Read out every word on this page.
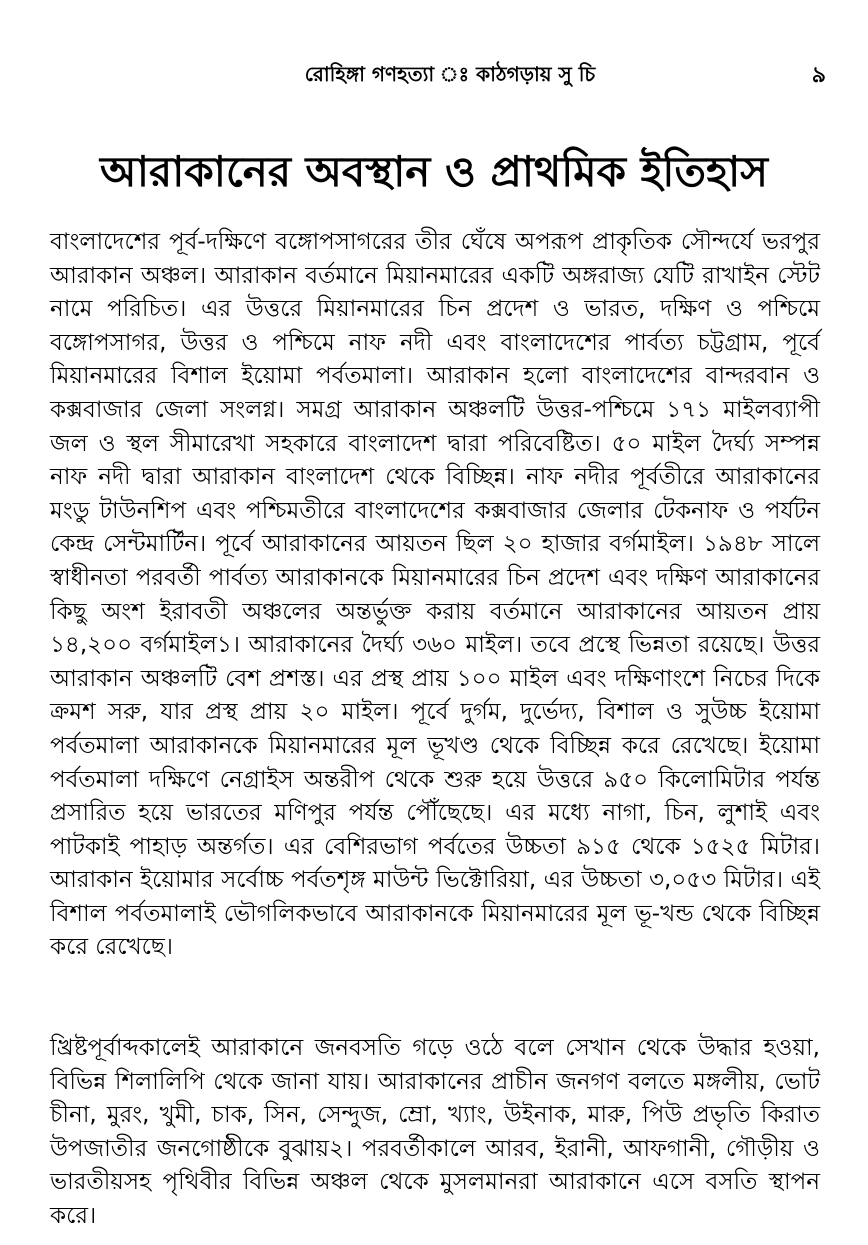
রোহিঙ্গা গণহত্যা ঃ কাঠগড়ায় সু চি	৯
আরাকানের অবস্থান ও প্রাথমিক ইতিহাস

বাংলাদেশের পূর্ব-দক্ষিণে বঙ্গোপসাগরের তীর ঘেঁষে অপরূপ প্রাকৃতিক সৌন্দর্যে ভরপুর আরাকান অঞ্চল। আরাকান বর্তমানে মিয়ানমারের একটি অঙ্গরাজ্য যেটি রাখাইন স্টেট নামে পরিচিত। এর উত্তরে মিয়ানমারের চিন প্রদেশ ও ভারত, দক্ষিণ ও পশ্চিমে বঙ্গোপসাগর, উত্তর ও পশ্চিমে নাফ নদী এবং বাংলাদেশের পার্বত্য চট্টগ্রাম, পূর্বে মিয়ানমারের বিশাল ইয়োমা পর্বতমালা। আরাকান হলো বাংলাদেশের বান্দরবান ও কক্সবাজার জেলা সংলগ্ন। সমগ্র আরাকান অঞ্চলটি উত্তর-পশ্চিমে ১৭১ মাইলব্যাপী জল ও স্থল সীমারেখা সহকারে বাংলাদেশ দ্বারা পরিবেষ্টিত। ৫০ মাইল দৈর্ঘ্য সম্পন্ন নাফ নদী দ্বারা আরাকান বাংলাদেশ থেকে বিচ্ছিন্ন। নাফ নদীর পূর্বতীরে আরাকানের মংডু টাউনশিপ এবং পশ্চিমতীরে বাংলাদেশের কক্সবাজার জেলার টেকনাফ ও পর্যটন কেন্দ্র সেন্টমার্টিন। পূর্বে আরাকানের আয়তন ছিল ২০ হাজার বর্গমাইল। ১৯৪৮ সালে স্বাধীনতা পরবর্তী পার্বত্য আরাকানকে মিয়ানমারের চিন প্রদেশ এবং দক্ষিণ আরাকানের কিছু অংশ ইরাবতী অঞ্চলের অন্তর্ভুক্ত করায় বর্তমানে আরাকানের আয়তন প্রায় ১৪,২০০ বর্গমাইল১। আরাকানের দৈর্ঘ্য ৩৬০ মাইল। তবে প্রস্থে ভিন্নতা রয়েছে। উত্তর আরাকান অঞ্চলটি বেশ প্রশস্ত। এর প্রস্থ প্রায় ১০০ মাইল এবং দক্ষিণাংশে নিচের দিকে ক্রমশ সরু, যার প্রস্থ প্রায় ২০ মাইল। পূর্বে দুর্গম, দুর্ভেদ্য, বিশাল ও সুউচ্চ ইয়োমা পর্বতমালা আরাকানকে মিয়ানমারের মূল ভূখণ্ড থেকে বিচ্ছিন্ন করে রেখেছে। ইয়োমা পর্বতমালা দক্ষিণে নেগ্রাইস অন্তরীপ থেকে শুরু হয়ে উত্তরে ৯৫০ কিলোমিটার পর্যন্ত প্রসারিত হয়ে ভারতের মণিপুর পর্যন্ত পৌঁছেছে। এর মধ্যে নাগা, চিন, লুশাই এবং পাটকাই পাহাড় অন্তর্গত। এর বেশিরভাগ পর্বতের উচ্চতা ৯১৫ থেকে ১৫২৫ মিটার। আরাকান ইয়োমার সর্বোচ্চ পর্বতশৃঙ্গ মাউন্ট ভিক্টোরিয়া, এর উচ্চতা ৩,০৫৩ মিটার। এই বিশাল পর্বতমালাই ভৌগলিকভাবে আরাকানকে মিয়ানমারের মূল ভূ-খন্ড থেকে বিচ্ছিন্ন করে রেখেছে।

খ্রিষ্টপূর্বাব্দকালেই আরাকানে জনবসতি গড়ে ওঠে বলে সেখান থেকে উদ্ধার হওয়া, বিভিন্ন শিলালিপি থেকে জানা যায়। আরাকানের প্রাচীন জনগণ বলতে মঙ্গলীয়, ভোট চীনা, মুরং, খুমী, চাক, সিন, সেন্দুজ, ম্রো, খ্যাং, উইনাক, মারু, পিউ প্রভৃতি কিরাত উপজাতীর জনগোষ্ঠীকে বুঝায়২। পরবর্তীকালে আরব, ইরানী, আফগানী, গৌড়ীয় ও ভারতীয়সহ পৃথিবীর বিভিন্ন অঞ্চল থেকে মুসলমানরা আরাকানে এসে বসতি স্থাপন করে।
